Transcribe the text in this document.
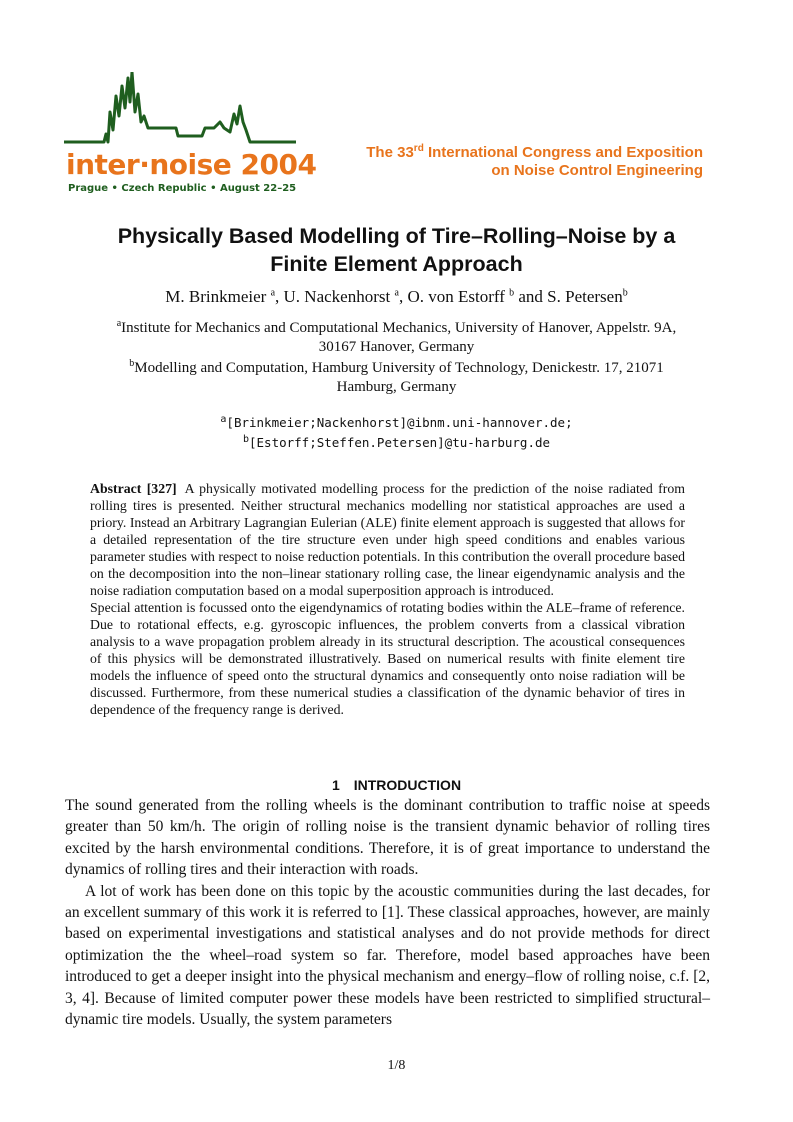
inter·noise 2004
Prague • Czech Republic • August 22–25
The 33rd International Congress and Exposition
on Noise Control Engineering
Physically Based Modelling of Tire–Rolling–Noise by a
Finite Element Approach
M. Brinkmeier $^a$, U. Nackenhorst $^a$, O. von Estorff $^b$ and S. Petersen$^b$
$^a$Institute for Mechanics and Computational Mechanics, University of Hanover, Appelstr. 9A,
30167 Hanover, Germany
$^b$Modelling and Computation, Hamburg University of Technology, Denickestr. 17, 21071
Hamburg, Germany
$^a$[Brinkmeier;Nackenhorst]@ibnm.uni-hannover.de;
$^b$[Estorff;Steffen.Petersen]@tu-harburg.de

Abstract [327] A physically motivated modelling process for the prediction of the noise radiated from rolling tires is presented. Neither structural mechanics modelling nor statistical approaches are used a priory. Instead an Arbitrary Lagrangian Eulerian (ALE) finite element approach is suggested that allows for a detailed representation of the tire structure even under high speed conditions and enables various parameter studies with respect to noise reduction potentials. In this contribution the overall procedure based on the decomposition into the non–linear stationary rolling case, the linear eigendynamic analysis and the noise radiation computation based on a modal superposition approach is introduced.

Special attention is focussed onto the eigendynamics of rotating bodies within the ALE–frame of reference. Due to rotational effects, e.g. gyroscopic influences, the problem converts from a classical vibration analysis to a wave propagation problem already in its structural description. The acoustical consequences of this physics will be demonstrated illustratively. Based on numerical results with finite element tire models the influence of speed onto the structural dynamics and consequently onto noise radiation will be discussed. Furthermore, from these numerical studies a classification of the dynamic behavior of tires in dependence of the frequency range is derived.

1 INTRODUCTION

The sound generated from the rolling wheels is the dominant contribution to traffic noise at speeds greater than 50 km/h. The origin of rolling noise is the transient dynamic behavior of rolling tires excited by the harsh environmental conditions. Therefore, it is of great importance to understand the dynamics of rolling tires and their interaction with roads.

A lot of work has been done on this topic by the acoustic communities during the last decades, for an excellent summary of this work it is referred to [1]. These classical approaches, however, are mainly based on experimental investigations and statistical analyses and do not provide methods for direct optimization the the wheel–road system so far. Therefore, model based approaches have been introduced to get a deeper insight into the physical mechanism and energy–flow of rolling noise, c.f. [2, 3, 4]. Because of limited computer power these models have been restricted to simplified structural–dynamic tire models. Usually, the system parameters

1/8
